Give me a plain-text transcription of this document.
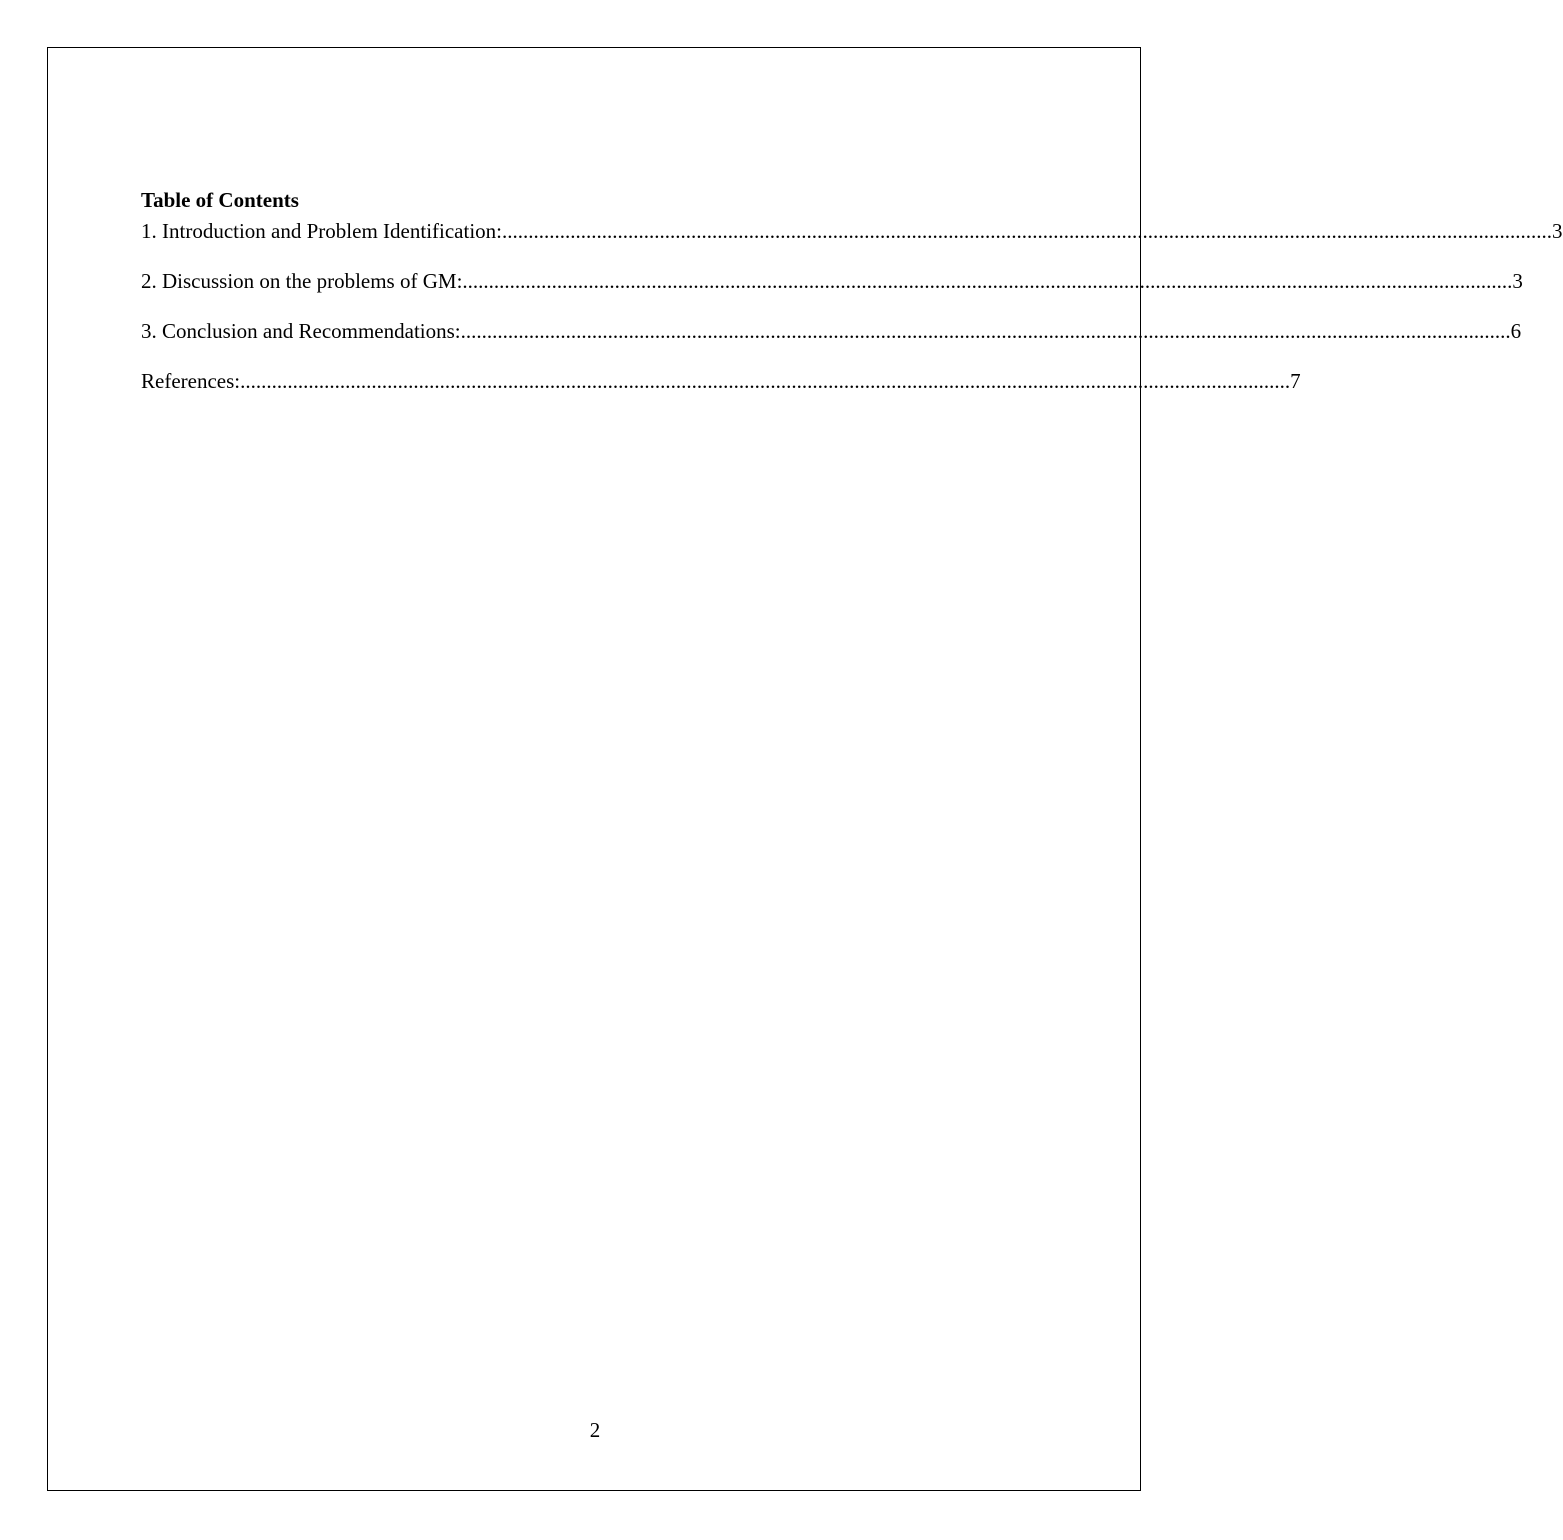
Table of Contents
1. Introduction and Problem Identification: ........................................................................................................................................................................................................ 3
2. Discussion on the problems of GM: ........................................................................................................................................................................................................ 3
3. Conclusion and Recommendations: ........................................................................................................................................................................................................ 6
References: ........................................................................................................................................................................................................ 7
2
